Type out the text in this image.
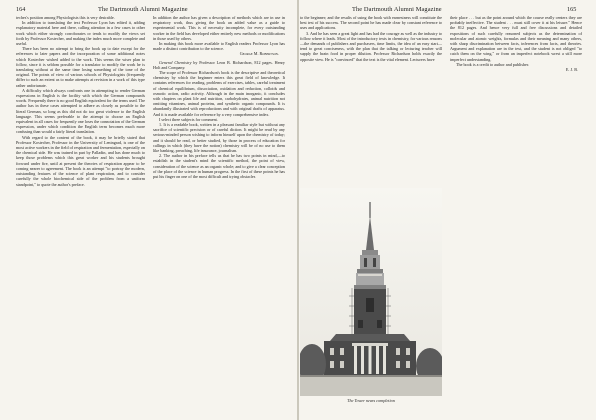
164	The Dartmouth Alumni Magazine

teches's position among Physiologists this is very desirable.

In addition to translating the text Professor Lyon has edited it, adding explanatory material here and there, calling attention in a few cases to other work which either strongly corroborates or tends to modify the views set forth by Professor Kostecher, and making the index much more complete and useful.

There has been no attempt to bring the book up to date except for the references to later papers and the incorporation of some additional notes which Kostecher wished added to the work. This seems the wiser plan to follow, since it is seldom possible for a translator to modify the work he is translating without at the same time losing something of the tone of the original. The points of view of various schools of Physiologists (frequently differ to such an extent as to make attempts at revision in a work of this type rather unfortunate.

A difficulty which always confronts one in attempting to render German expressions in English is the facility with which the German compounds words. Frequently there is no good English equivalent for the terms used. The author has in these cases attempted to adhere as closely as possible to the literal German, so long as this did not do too great violence to the English language. This seems preferable to the attempt to choose an English equivalent in all cases for frequently one loses the connotation of the German expression, under which condition the English term becomes much more confusing than would a fairly literal translation.

With regard to the content of the book, it may be briefly stated that Professor Kostecher, Professor in the University of Leningrad, is one of the most active workers in the field of respiration and fermentation, especially on the chemical side. He was trained in part by Palladin, and has done much to keep those problems which this great worker and his students brought forward under fire, until at present the theories of respiration appear to be coming nearer to agreement. The book is an attempt "to portray the modern, outstanding features of the science of plant respiration, and to consider carefully the whole biochemical side of the problem from a uniform standpoint," to quote the author's preface.

In addition the author has given a description of methods which are in use in respiratory work, thus giving the book an added value as a guide to experimental work. This is of necessity incomplete, for every outstanding worker in the field has developed either entirely new methods or modifications in those used by others.

In making this book more available to English readers Professor Lyon has made a distinct contribution to the science.

George M. Robertson.

General Chemistry by Professor Leon B. Richardson, 812 pages. Henry Holt and Company.

The scope of Professor Richardson's book is the descriptive and theoretical chemistry by which the beginner enters this great field of knowledge. It contains references for reading, problems of exercises, tables, careful treatment of chemical equilibrium, dissociation, oxidation and reduction, colloids and osmotic action, radio activity. Although in the main inorganic, it concludes with chapters on plant life and nutrition, carbohydrates, animal nutrition not omitting vitamines, animal proteins, and synthetic organic compounds. It is abundantly illustrated with reproductions and with original drafts of apparatus. And it is made available for reference by a very comprehensive index.

I select three subjects for comment.

1. It is a readable book, written in a pleasant familiar style but without any sacrifice of scientific precision or of careful diction. It might be read by any serious-minded person wishing to inform himself upon the chemistry of today; and it should be read, or better studied, by those in process of education for callings in which (they have the notion) chemistry will be of no use to them like banking, preaching, life insurance, journalism.

2. The author in his preface tells us that he has two points in mind,—to establish in the student's mind the scientific method, the point of view, consideration of the science as an organic whole; and to give a clear conception of the place of the science in human progress. In the first of these points he has put his finger on one of the most difficult and trying obstacles

The Dartmouth Alumni Magazine	165

to the beginner; and the results of using the book with earnestness will constitute the best test of his success. The second point he has made clear by constant reference to uses and applications.

3. And he has seen a great light and has had the courage as well as the industry to follow where it leads. Most of the introductory texts in chemistry, for various reasons—the demands of publishers and purchasers, time limits, the idea of an easy start—tend to great conciseness, with the plan that the talking or lecturing teacher will supply the brain food in proper dilution. Professor Richardson holds exactly the opposite view. He is "convinced" that the text is the vital element. Lecturers have

their place . . . but as the point around which the course really centers they are probably ineffective. The student . . . must still cover it at his leisure." Hence the 812 pages. And hence very full and free discussions and detailed expositions of such carefully reasoned subjects as the determination of molecular and atomic weights, formulas and their meaning and many others, with sharp discrimination between facts, inferences from facts, and theories. Argument and explanation are in the text, and the student is not obliged "to catch them on the wing," or from an imperfect notebook wrest a still more imperfect understanding.

The book is a credit to author and publisher.

E. J. B.

The Tower nears completion
